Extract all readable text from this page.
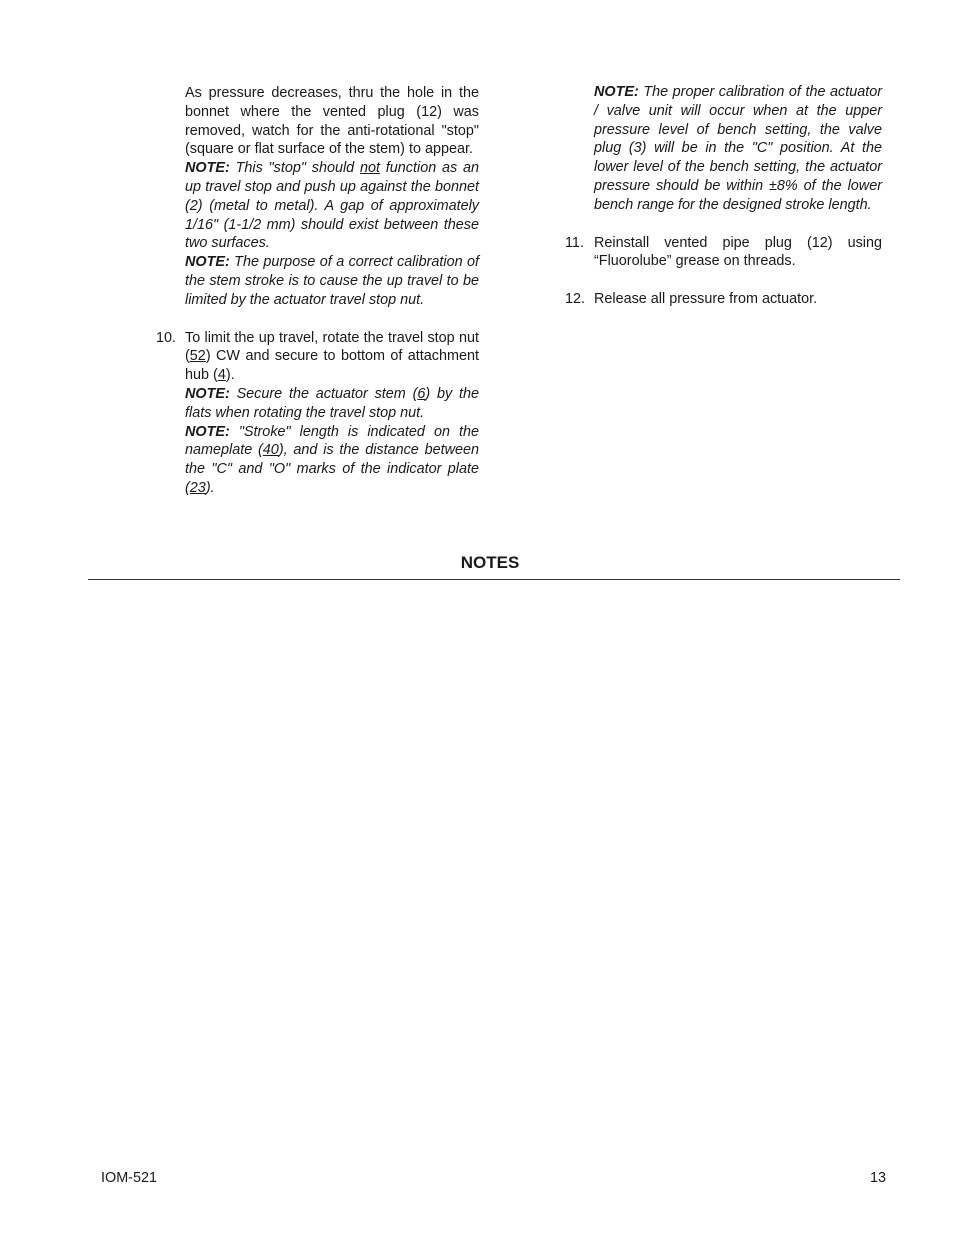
As pressure decreases, thru the hole in the bonnet where the vented plug (12) was removed, watch for the anti-rotational "stop" (square or flat surface of the stem) to appear.

NOTE: This "stop" should not function as an up travel stop and push up against the bonnet (2) (metal to metal). A gap of approximately 1/16" (1-1/2 mm) should exist between these two surfaces.

NOTE: The purpose of a correct calibration of the stem stroke is to cause the up travel to be limited by the actuator travel stop nut.

10. To limit the up travel, rotate the travel stop nut (52) CW and secure to bottom of attachment hub (4).

NOTE: Secure the actuator stem (6) by the flats when rotating the travel stop nut.

NOTE: "Stroke" length is indicated on the nameplate (40), and is the distance between the "C" and "O" marks of the indicator plate (23).

NOTE: The proper calibration of the actuator / valve unit will occur when at the upper pressure level of bench setting, the valve plug (3) will be in the "C" position. At the lower level of the bench setting, the actuator pressure should be within ±8% of the lower bench range for the designed stroke length.

11. Reinstall vented pipe plug (12) using “Fluorolube” grease on threads.

12. Release all pressure from actuator.

NOTES
IOM-521	13
